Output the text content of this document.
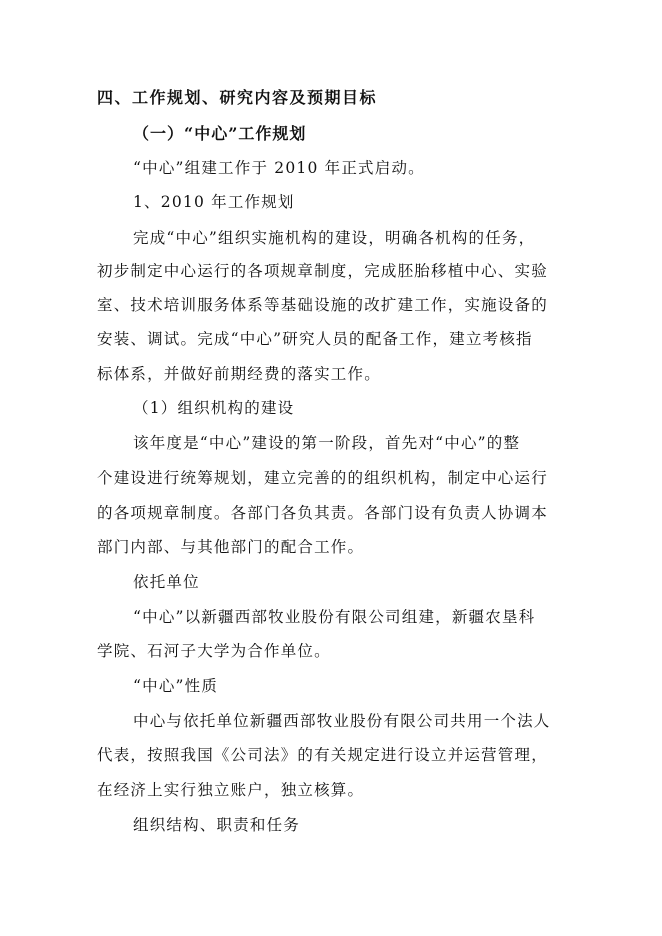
四、工作规划、研究内容及预期目标
（一）“中心”工作规划
“中心”组建工作于 2010 年正式启动。
1、2010 年工作规划
完成“中心”组织实施机构的建设，明确各机构的任务，
初步制定中心运行的各项规章制度，完成胚胎移植中心、实验
室、技术培训服务体系等基础设施的改扩建工作，实施设备的
安装、调试。完成“中心”研究人员的配备工作，建立考核指
标体系，并做好前期经费的落实工作。
（1）组织机构的建设
该年度是“中心”建设的第一阶段，首先对“中心”的整
个建设进行统筹规划，建立完善的的组织机构，制定中心运行
的各项规章制度。各部门各负其责。各部门设有负责人协调本
部门内部、与其他部门的配合工作。
依托单位
“中心”以新疆西部牧业股份有限公司组建，新疆农垦科
学院、石河子大学为合作单位。
“中心”性质
中心与依托单位新疆西部牧业股份有限公司共用一个法人
代表，按照我国《公司法》的有关规定进行设立并运营管理，
在经济上实行独立账户，独立核算。
组织结构、职责和任务
